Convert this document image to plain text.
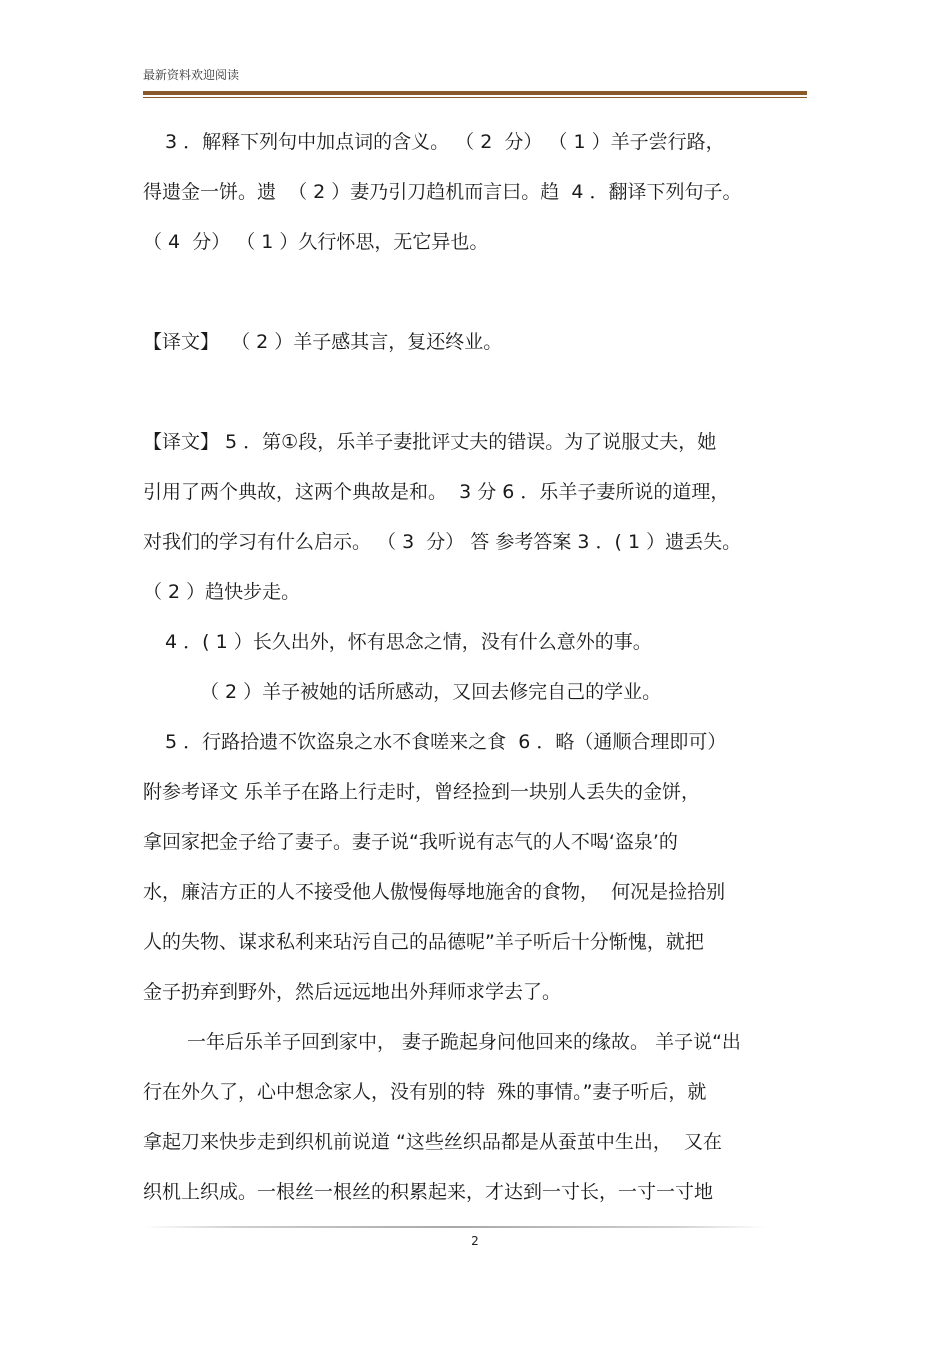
最新资料欢迎阅读
3 ．解释下列句中加点词的含义。 （ 2  分） （ 1 ）羊子尝行路，
得遗金一饼。遗  （ 2 ）妻乃引刀趋机而言曰。趋  4 ．翻译下列句子。
（ 4  分） （ 1 ）久行怀思，无它异也。
【译文】  （ 2 ）羊子感其言，复还终业。
【译文】 5 ．第①段，乐羊子妻批评丈夫的错误。为了说服丈夫，她
引用了两个典故，这两个典故是和。  3 分 6 ．乐羊子妻所说的道理，
对我们的学习有什么启示。 （ 3  分） 答 参考答案 3 ．( 1 ）遗丢失。
（ 2 ）趋快步走。
4 ．( 1 ）长久出外，怀有思念之情，没有什么意外的事。
（ 2 ）羊子被她的话所感动，又回去修完自己的学业。
5 ．行路拾遗不饮盗泉之水不食嗟来之食  6 ．略（通顺合理即可）
附参考译文 乐羊子在路上行走时，曾经捡到一块别人丢失的金饼，
拿回家把金子给了妻子。妻子说“我听说有志气的人不喝‘盗泉’的
水，廉洁方正的人不接受他人傲慢侮辱地施舍的食物，  何况是捡拾别
人的失物、谋求私利来玷污自己的品德呢”羊子听后十分惭愧，就把
金子扔弃到野外，然后远远地出外拜师求学去了。
一年后乐羊子回到家中， 妻子跪起身问他回来的缘故。 羊子说“出
行在外久了，心中想念家人，没有别的特  殊的事情。”妻子听后，就
拿起刀来快步走到织机前说道 “这些丝织品都是从蚕茧中生出，  又在
织机上织成。一根丝一根丝的积累起来，才达到一寸长，一寸一寸地
2
